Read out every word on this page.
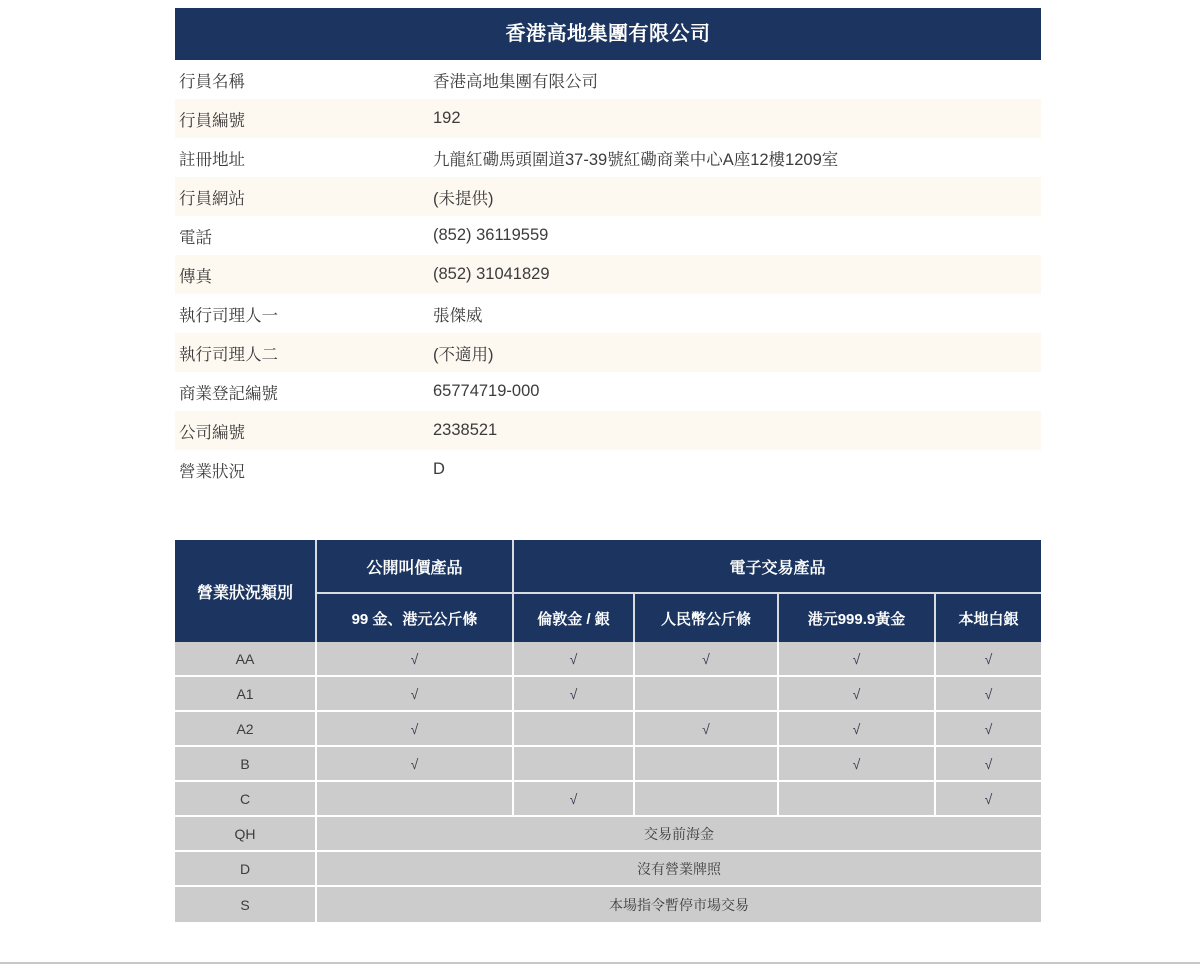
香港高地集團有限公司
行員名稱	香港高地集團有限公司
行員編號	192
註冊地址	九龍紅磡馬頭圍道37-39號紅磡商業中心A座12樓1209室
行員網站	(未提供)
電話	(852) 36119559
傳真	(852) 31041829
執行司理人一	張傑威
執行司理人二	(不適用)
商業登記編號	65774719-000
公司編號	2338521
營業狀況	D
營業狀況類別	公開叫價產品	電子交易產品			
	99 金、港元公斤條	倫敦金 / 銀	人民幣公斤條	港元999.9黃金	本地白銀
AA	√	√	√	√	√
A1	√	√		√	√
A2	√		√	√	√
B	√			√	√
C		√			√
QH	交易前海金				
D	沒有營業牌照				
S	本場指令暫停市場交易				
